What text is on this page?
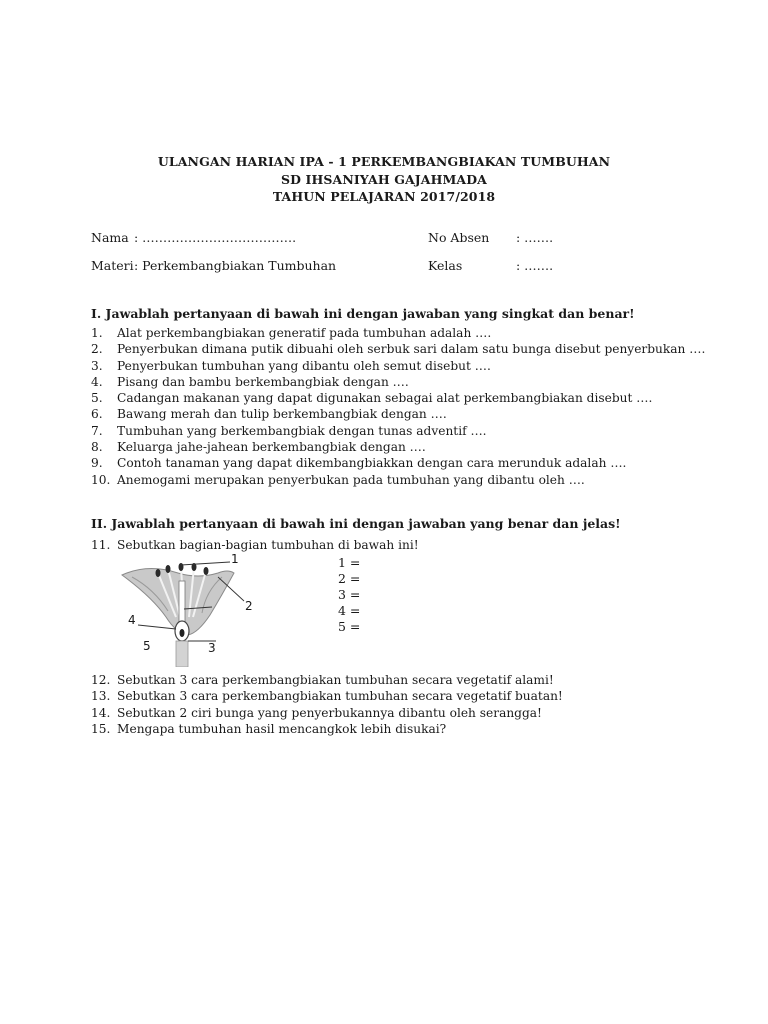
ULANGAN HARIAN IPA - 1 PERKEMBANGBIAKAN TUMBUHAN
SD IHSANIYAH GAJAHMADA
TAHUN PELAJARAN 2017/2018
Nama : ……………………………….	No Absen : …….
Materi : Perkembangbiakan Tumbuhan	Kelas	: …….
I. Jawablah pertanyaan di bawah ini dengan jawaban yang singkat dan benar!
1.	Alat perkembangbiakan generatif pada tumbuhan adalah ….
2.	Penyerbukan dimana putik dibuahi oleh serbuk sari dalam satu bunga disebut penyerbukan ….
3.	Penyerbukan tumbuhan yang dibantu oleh semut disebut ….
4.	Pisang dan bambu berkembangbiak dengan ….
5.	Cadangan makanan yang dapat digunakan sebagai alat perkembangbiakan disebut ….
6.	Bawang merah dan tulip berkembangbiak dengan ….
7.	Tumbuhan yang berkembangbiak dengan tunas adventif ….
8.	Keluarga jahe-jahean berkembangbiak dengan ….
9.	Contoh tanaman yang dapat dikembangbiakkan dengan cara merunduk adalah ….
10. Anemogami merupakan penyerbukan pada tumbuhan yang dibantu oleh ….
II. Jawablah pertanyaan di bawah ini dengan jawaban yang benar dan jelas!
11. Sebutkan bagian-bagian tumbuhan di bawah ini!
1
2
3
4
5
1 =
2 =
3 =
4 =
5 =
12. Sebutkan 3 cara perkembangbiakan tumbuhan secara vegetatif alami!
13. Sebutkan 3 cara perkembangbiakan tumbuhan secara vegetatif buatan!
14. Sebutkan 2 ciri bunga yang penyerbukannya dibantu oleh serangga!
15. Mengapa tumbuhan hasil mencangkok lebih disukai?
